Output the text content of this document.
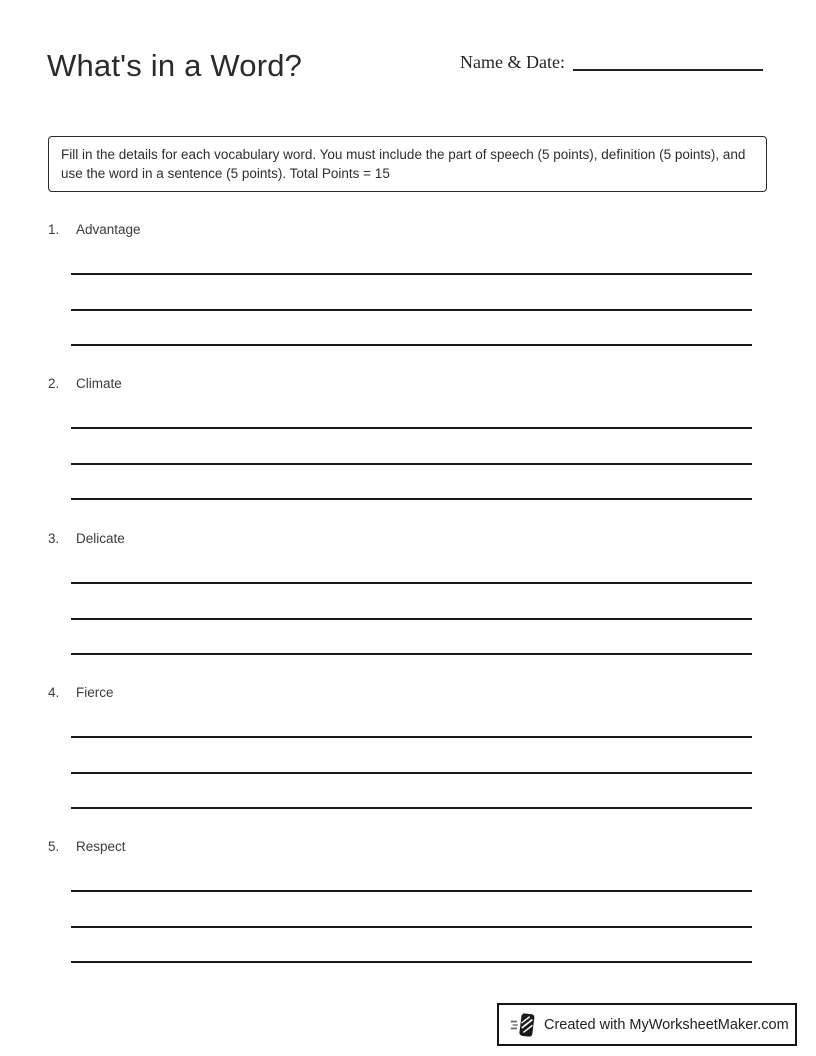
What's in a Word?	Name & Date:
Fill in the details for each vocabulary word. You must include the part of speech (5 points), definition (5 points), and use the word in a sentence (5 points). Total Points = 15
1.	Advantage
2.	Climate
3.	Delicate
4.	Fierce
5.	Respect
Created with MyWorksheetMaker.com
